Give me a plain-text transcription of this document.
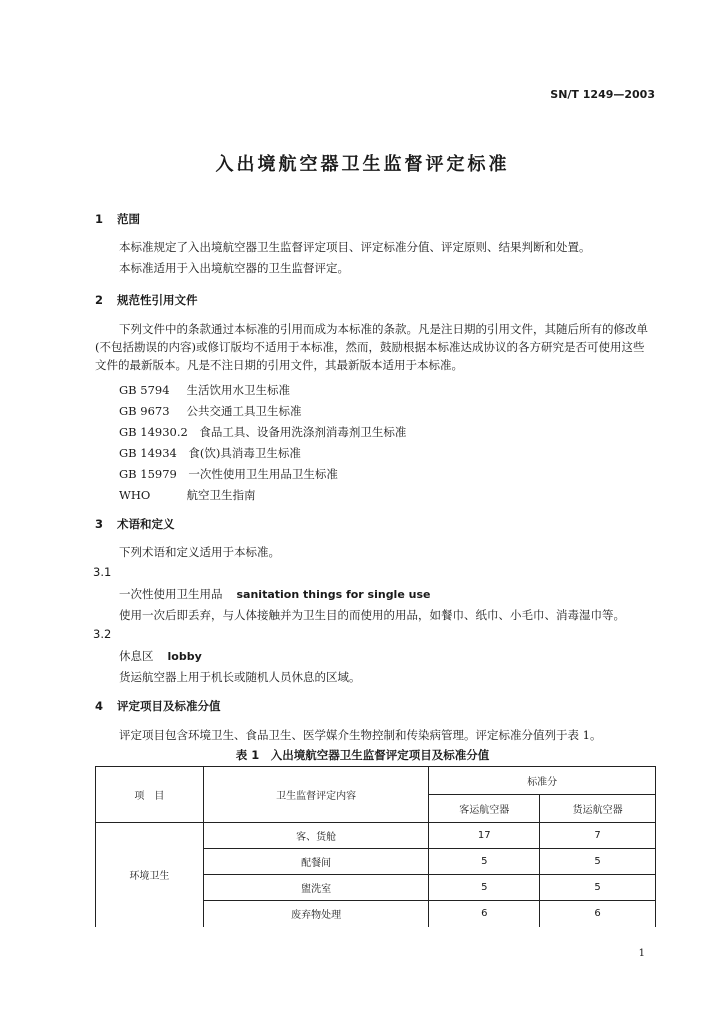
SN/T 1249—2003
入出境航空器卫生监督评定标准
1 范围
本标准规定了入出境航空器卫生监督评定项目、评定标准分值、评定原则、结果判断和处置。
本标准适用于入出境航空器的卫生监督评定。
2 规范性引用文件
下列文件中的条款通过本标准的引用而成为本标准的条款。凡是注日期的引用文件，其随后所有的修改单(不包括勘误的内容)或修订版均不适用于本标准，然而，鼓励根据本标准达成协议的各方研究是否可使用这些文件的最新版本。凡是不注日期的引用文件，其最新版本适用于本标准。
GB 5794　 生活饮用水卫生标准
GB 9673　 公共交通工具卫生标准
GB 14930.2　 食品工具、设备用洗涤剂消毒剂卫生标准
GB 14934　 食(饮)具消毒卫生标准
GB 15979　 一次性使用卫生用品卫生标准
WHO　	航空卫生指南
3 术语和定义
下列术语和定义适用于本标准。
3.1
一次性使用卫生用品 sanitation things for single use
使用一次后即丢弃，与人体接触并为卫生目的而使用的用品，如餐巾、纸巾、小毛巾、消毒湿巾等。
3.2
休息区 lobby
货运航空器上用于机长或随机人员休息的区域。
4 评定项目及标准分值
评定项目包含环境卫生、食品卫生、医学媒介生物控制和传染病管理。评定标准分值列于表 1。
表 1　入出境航空器卫生监督评定项目及标准分值
项　目	卫生监督评定内容	标准分	
		客运航空器	货运航空器
环境卫生	客、货舱	17	7
	配餐间	5	5
	盥洗室	5	5
	废弃物处理	6	6
1
